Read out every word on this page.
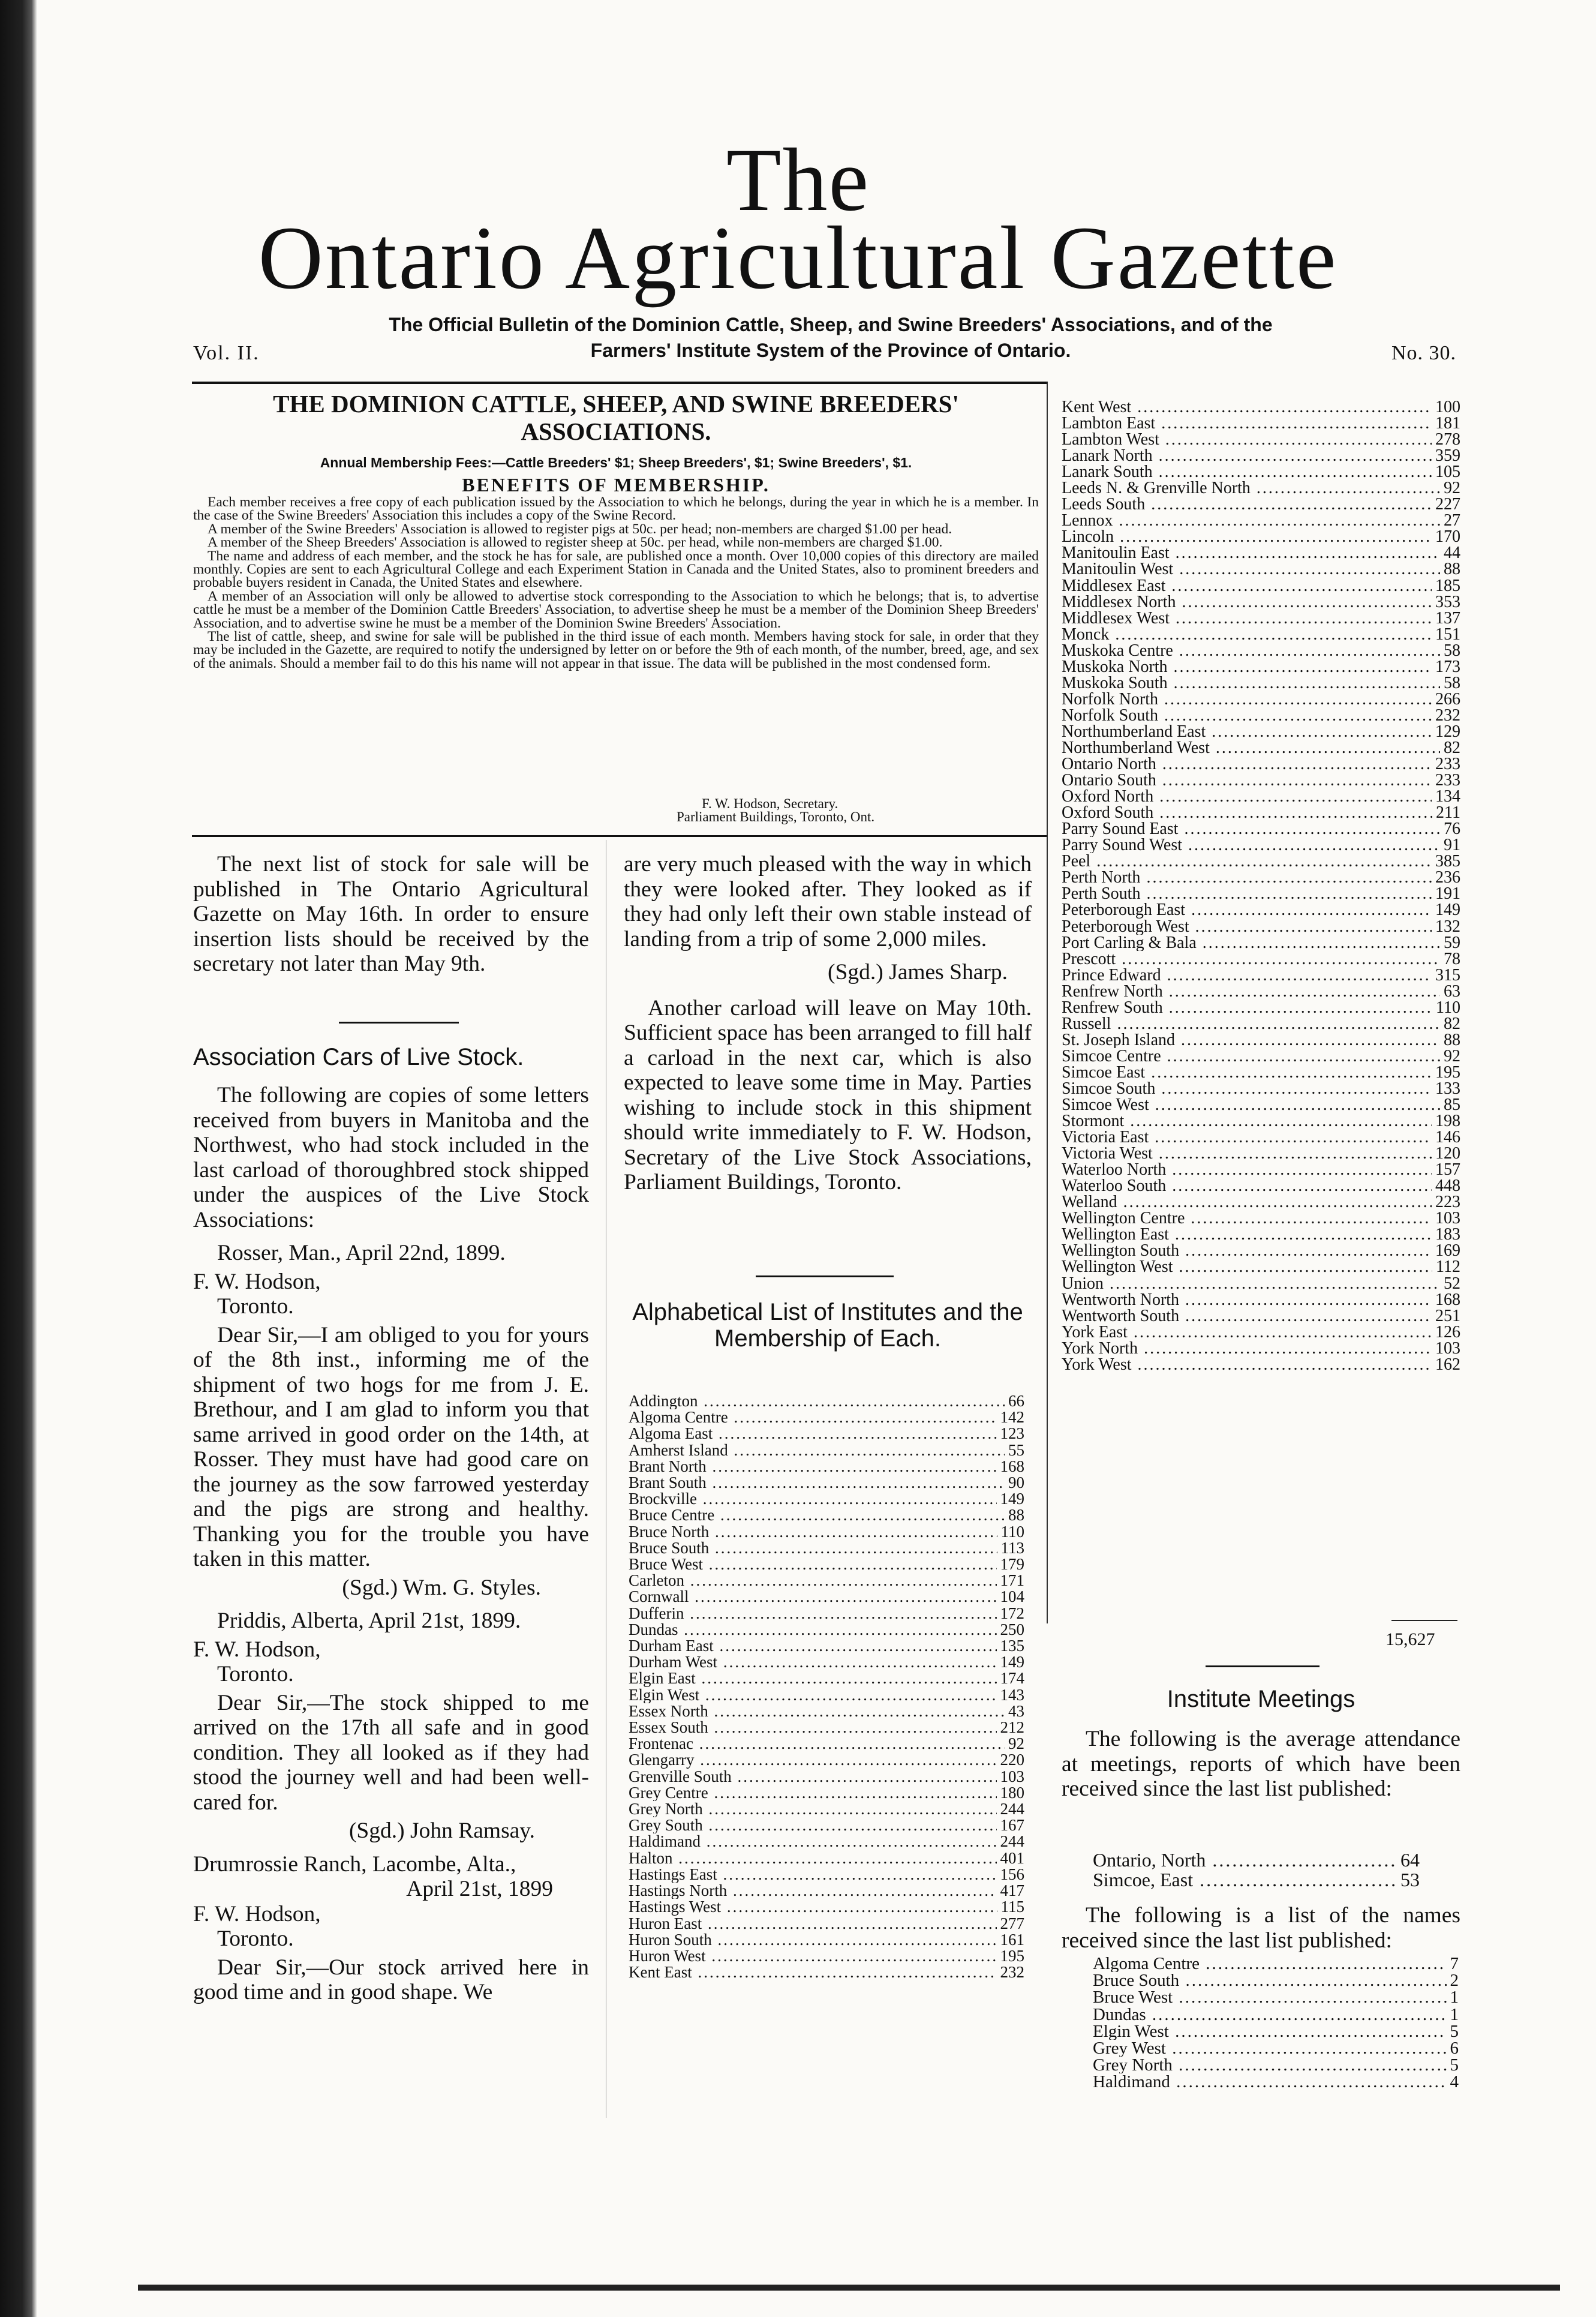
The
Ontario Agricultural Gazette
The Official Bulletin of the Dominion Cattle, Sheep, and Swine Breeders' Associations, and of the
Farmers' Institute System of the Province of Ontario.
Vol. II.	No. 30.
THE DOMINION CATTLE, SHEEP, AND SWINE BREEDERS' ASSOCIATIONS.
Annual Membership Fees:—Cattle Breeders' $1; Sheep Breeders', $1; Swine Breeders', $1.
BENEFITS OF MEMBERSHIP.

Each member receives a free copy of each publication issued by the Association to which he belongs, during the year in which he is a member. In the case of the Swine Breeders' Association this includes a copy of the Swine Record.

A member of the Swine Breeders' Association is allowed to register pigs at 50c. per head; non-members are charged $1.00 per head.

A member of the Sheep Breeders' Association is allowed to register sheep at 50c. per head, while non-members are charged $1.00.

The name and address of each member, and the stock he has for sale, are published once a month. Over 10,000 copies of this directory are mailed monthly. Copies are sent to each Agricultural College and each Experiment Station in Canada and the United States, also to prominent breeders and probable buyers resident in Canada, the United States and elsewhere.

A member of an Association will only be allowed to advertise stock corresponding to the Association to which he belongs; that is, to advertise cattle he must be a member of the Dominion Cattle Breeders' Association, to advertise sheep he must be a member of the Dominion Sheep Breeders' Association, and to advertise swine he must be a member of the Dominion Swine Breeders' Association.

The list of cattle, sheep, and swine for sale will be published in the third issue of each month. Members having stock for sale, in order that they may be included in the Gazette, are required to notify the undersigned by letter on or before the 9th of each month, of the number, breed, age, and sex of the animals. Should a member fail to do this his name will not appear in that issue. The data will be published in the most condensed form.

F. W. Hodson, Secretary.
Parliament Buildings, Toronto, Ont.

The next list of stock for sale will be published in The Ontario Agricultural Gazette on May 16th. In order to ensure insertion lists should be received by the secretary not later than May 9th.

Association Cars of Live Stock.

The following are copies of some letters received from buyers in Manitoba and the Northwest, who had stock included in the last carload of thoroughbred stock shipped under the auspices of the Live Stock Associations:

Rosser, Man., April 22nd, 1899.

F. W. Hodson,

Toronto.

Dear Sir,—I am obliged to you for yours of the 8th inst., informing me of the shipment of two hogs for me from J. E. Brethour, and I am glad to inform you that same arrived in good order on the 14th, at Rosser. They must have had good care on the journey as the sow farrowed yesterday and the pigs are strong and healthy. Thanking you for the trouble you have taken in this matter.

(Sgd.) Wm. G. Styles.

Priddis, Alberta, April 21st, 1899.

F. W. Hodson,

Toronto.

Dear Sir,—The stock shipped to me arrived on the 17th all safe and in good condition. They all looked as if they had stood the journey well and had been well-cared for.

(Sgd.) John Ramsay.

Drumrossie Ranch, Lacombe, Alta.,

April 21st, 1899

F. W. Hodson,

Toronto.

Dear Sir,—Our stock arrived here in good time and in good shape. We

are very much pleased with the way in which they were looked after. They looked as if they had only left their own stable instead of landing from a trip of some 2,000 miles.

(Sgd.) James Sharp.

Another carload will leave on May 10th. Sufficient space has been arranged to fill half a carload in the next car, which is also expected to leave some time in May. Parties wishing to include stock in this shipment should write immediately to F. W. Hodson, Secretary of the Live Stock Associations, Parliament Buildings, Toronto.

Alphabetical List of Institutes and the Membership of Each.
Addington .....	66
Algoma Centre .....	142
Algoma East .....	123
Amherst Island .....	55
Brant North .....	168
Brant South .....	90
Brockville .....	149
Bruce Centre .....	88
Bruce North .....	110
Bruce South .....	113
Bruce West .....	179
Carleton .....	171
Cornwall .....	104
Dufferin .....	172
Dundas .....	250
Durham East .....	135
Durham West .....	149
Elgin East .....	174
Elgin West .....	143
Essex North .....	43
Essex South .....	212
Frontenac .....	92
Glengarry .....	220
Grenville South .....	103
Grey Centre .....	180
Grey North .....	244
Grey South .....	167
Haldimand .....	244
Halton .....	401
Hastings East .....	156
Hastings North .....	417
Hastings West .....	115
Huron East .....	277
Huron South .....	161
Huron West .....	195
Kent East .....	232
Kent West .....	100
Lambton East .....	181
Lambton West .....	278
Lanark North .....	359
Lanark South .....	105
Leeds N. & Grenville North .....	92
Leeds South .....	227
Lennox .....	27
Lincoln .....	170
Manitoulin East .....	44
Manitoulin West .....	88
Middlesex East .....	185
Middlesex North .....	353
Middlesex West .....	137
Monck .....	151
Muskoka Centre .....	58
Muskoka North .....	173
Muskoka South .....	58
Norfolk North .....	266
Norfolk South .....	232
Northumberland East .....	129
Northumberland West .....	82
Ontario North .....	233
Ontario South .....	233
Oxford North .....	134
Oxford South .....	211
Parry Sound East .....	76
Parry Sound West .....	91
Peel .....	385
Perth North .....	236
Perth South .....	191
Peterborough East .....	149
Peterborough West .....	132
Port Carling & Bala .....	59
Prescott .....	78
Prince Edward .....	315
Renfrew North .....	63
Renfrew South .....	110
Russell .....	82
St. Joseph Island .....	88
Simcoe Centre .....	92
Simcoe East .....	195
Simcoe South .....	133
Simcoe West .....	85
Stormont .....	198
Victoria East .....	146
Victoria West .....	120
Waterloo North .....	157
Waterloo South .....	448
Welland .....	223
Wellington Centre .....	103
Wellington East .....	183
Wellington South .....	169
Wellington West .....	112
Union .....	52
Wentworth North .....	168
Wentworth South .....	251
York East .....	126
York North .....	103
York West .....	162
15,627
Institute Meetings

The following is the average attendance at meetings, reports of which have been received since the last list published:

Ontario, North .....	64
Simcoe, East .....	53

The following is a list of the names received since the last list published:

Algoma Centre .....	7
Bruce South .....	2
Bruce West .....	1
Dundas .....	1
Elgin West .....	5
Grey West .....	6
Grey North .....	5
Haldimand .....	4
